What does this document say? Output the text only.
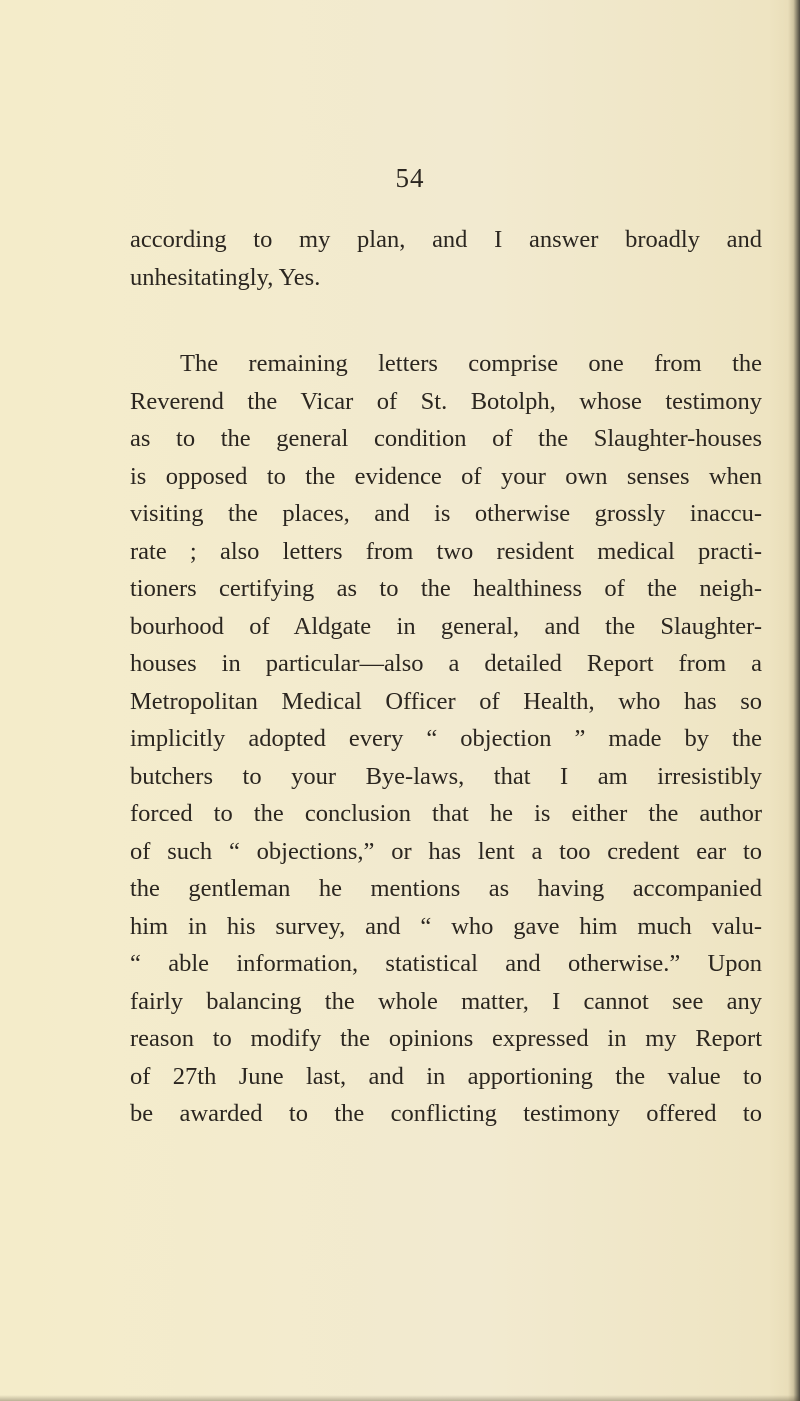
54
according to my plan, and I answer broadly and
unhesitatingly, Yes.
The remaining letters comprise one from the
Reverend the Vicar of St. Botolph, whose testimony
as to the general condition of the Slaughter-houses
is opposed to the evidence of your own senses when
visiting the places, and is otherwise grossly inaccu-
rate ; also letters from two resident medical practi-
tioners certifying as to the healthiness of the neigh-
bourhood of Aldgate in general, and the Slaughter-
houses in particular—also a detailed Report from a
Metropolitan Medical Officer of Health, who has so
implicitly adopted every “ objection ” made by the
butchers to your Bye-laws, that I am irresistibly
forced to the conclusion that he is either the author
of such “ objections,” or has lent a too credent ear to
the gentleman he mentions as having accompanied
him in his survey, and “ who gave him much valu-
“ able information, statistical and otherwise.” Upon
fairly balancing the whole matter, I cannot see any
reason to modify the opinions expressed in my Report
of 27th June last, and in apportioning the value to
be awarded to the conflicting testimony offered to
